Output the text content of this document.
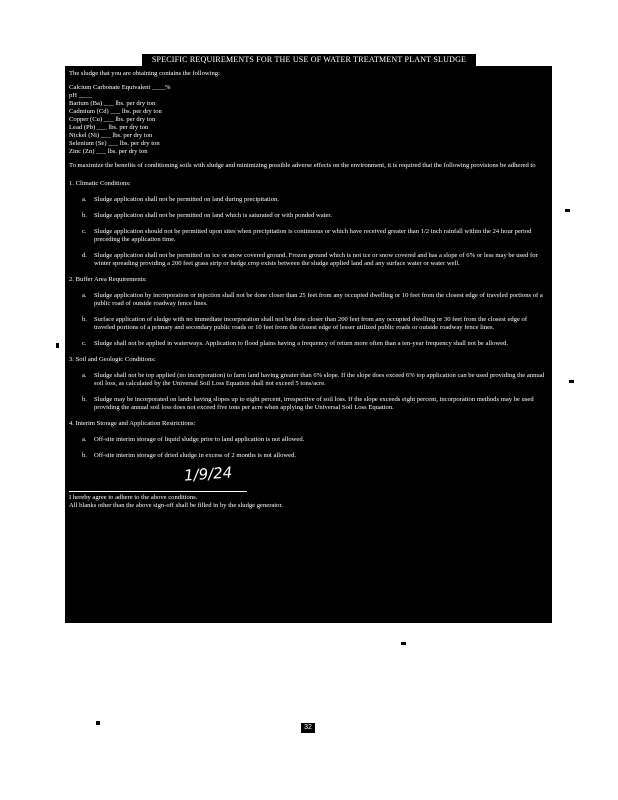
SPECIFIC REQUIREMENTS FOR THE USE OF WATER TREATMENT PLANT SLUDGE

The sludge that you are obtaining contains the following:

Calcium Carbonate Equivalent ____%
pH ____
Barium (Ba) ___ lbs. per dry ton
Cadmium (Cd) ___ lbs. per dry ton
Copper (Cu) ___ lbs. per dry ton
Lead (Pb) ___ lbs. per dry ton
Nickel (Ni) ___ lbs. per dry ton
Selenium (Se) ___ lbs. per dry ton
Zinc (Zn) ___ lbs. per dry ton

To maximize the benefits of conditioning soils with sludge and minimizing possible adverse effects on the environment, it is required that the following provisions be adhered to

1. Climatic Conditions:

a. Sludge application shall not be permitted on land during precipitation.
b. Sludge application shall not be permitted on land which is saturated or with ponded water.
c. Sludge application should not be permitted upon sites when precipitation is continuous or which have received greater than 1/2 inch rainfall within the 24 hour period preceding the application time.
d. Sludge application shall not be permitted on ice or snow covered ground. Frozen ground which is not ice or snow covered and has a slope of 6% or less may be used for winter spreading providing a 200 feet grass strip or hedge crop exists between the sludge applied land and any surface water or water well.

2. Buffer Area Requirements:

a. Sludge application by incorporation or injection shall not be done closer than 25 feet from any occupied dwelling or 10 feet from the closest edge of traveled portions of a public road of outside roadway fence lines.
b. Surface application of sludge with no immediate incorporation shall not be done closer than 200 feet from any occupied dwelling or 30 feet from the closest edge of traveled portions of a primary and secondary public roads or 10 feet from the closest edge of lesser utilized public roads or outside roadway fence lines.
c. Sludge shall not be applied in waterways. Application to flood plains having a frequency of return more often than a ten-year frequency shall not be allowed.

3. Soil and Geologic Conditions:

a. Sludge shall not be top applied (no incorporation) to farm land having greater than 6% slope. If the slope does exceed 6% top application can be used providing the annual soil loss, as calculated by the Universal Soil Loss Equation shall not exceed 5 tons/acre.
b. Sludge may be incorporated on lands having slopes up to eight percent, irrespective of soil loss. If the slope exceeds eight percent, incorporation methods may be used providing the annual soil loss does not exceed five tons per acre when applying the Universal Soil Loss Equation.

4. Interim Storage and Application Restrictions:

a. Off-site interim storage of liquid sludge prior to land application is not allowed.
b. Off-site interim storage of dried sludge in excess of 2 months is not allowed.
1/9/24

I hereby agree to adhere to the above conditions.

All blanks other than the above sign-off shall be filled in by the sludge generator.

32
